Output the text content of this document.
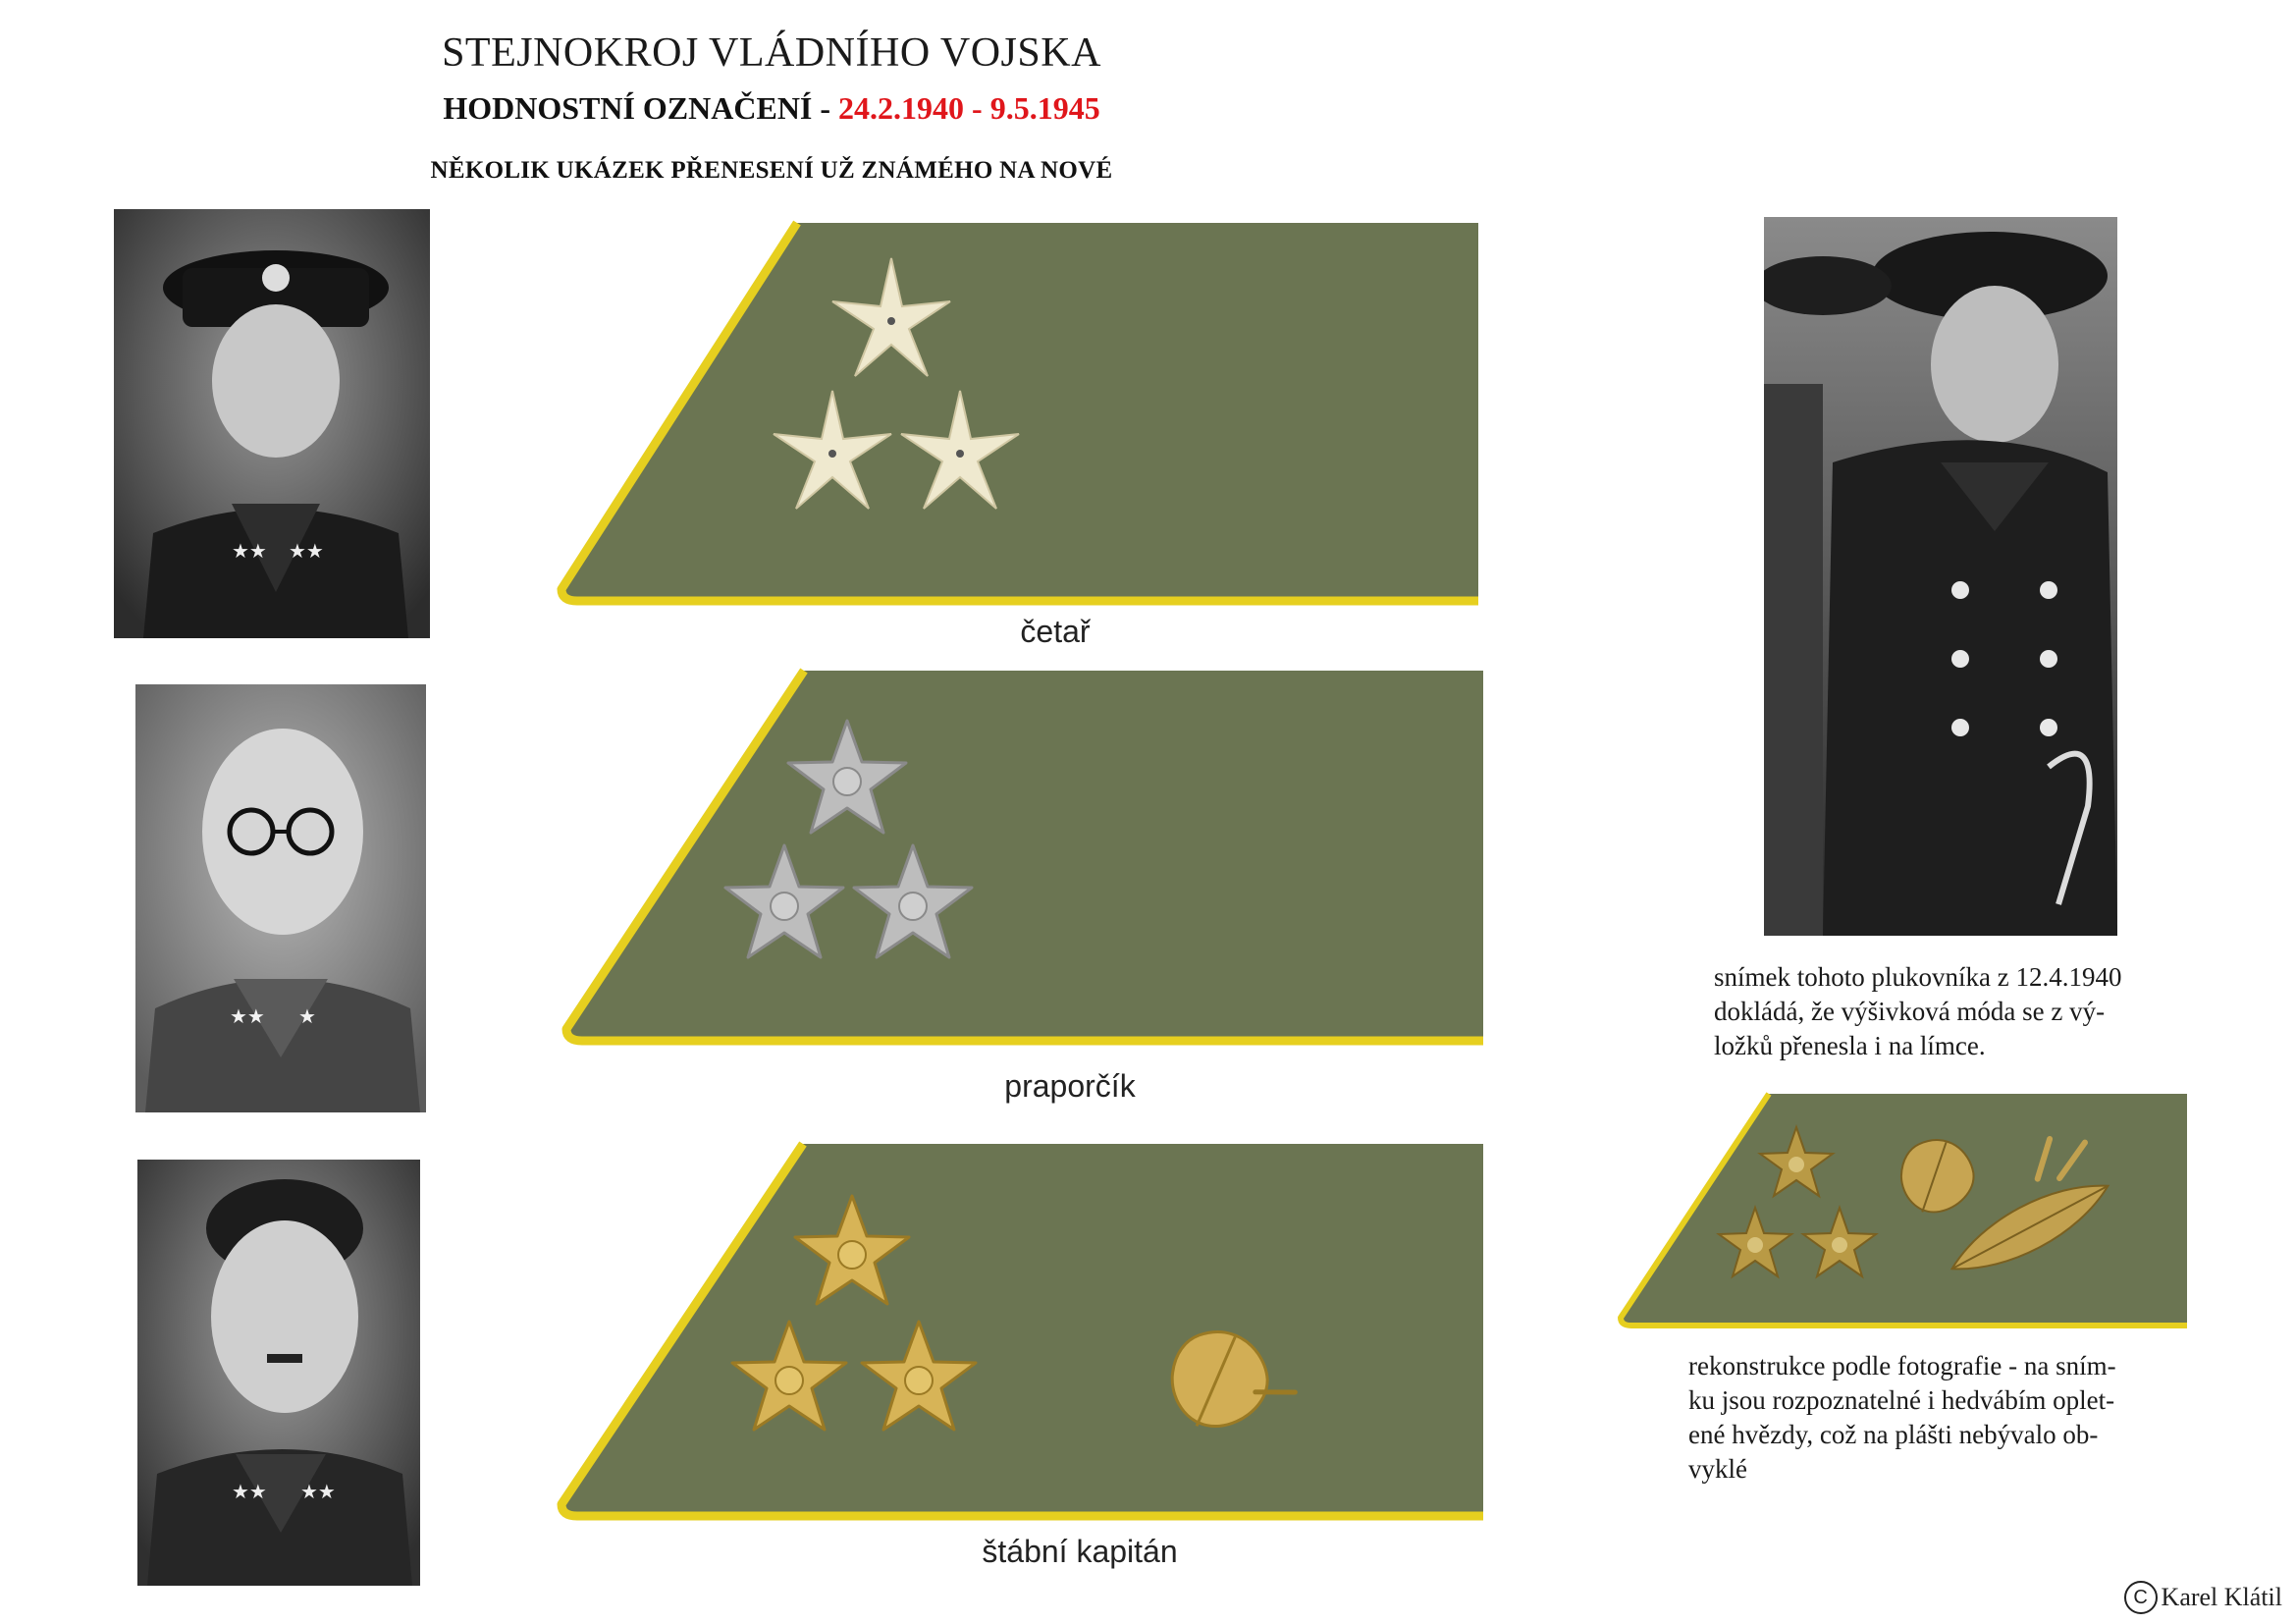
STEJNOKROJ VLÁDNÍHO VOJSKA
HODNOSTNÍ OZNAČENÍ - 24.2.1940 - 9.5.1945
NĚKOLIK UKÁZEK PŘENESENÍ UŽ ZNÁMÉHO NA NOVÉ
★★ ★★
★★ ★
★★ ★★
četař
praporčík
štábní kapitán
snímek tohoto plukovníka z 12.4.1940
dokládá, že výšivková móda se z vý-
ložků přenesla i na límce.
rekonstrukce podle fotografie - na sním-
ku jsou rozpoznatelné i hedvábím oplet-
ené hvězdy, což na plášti nebývalo ob-
vyklé
C Karel Klátil
